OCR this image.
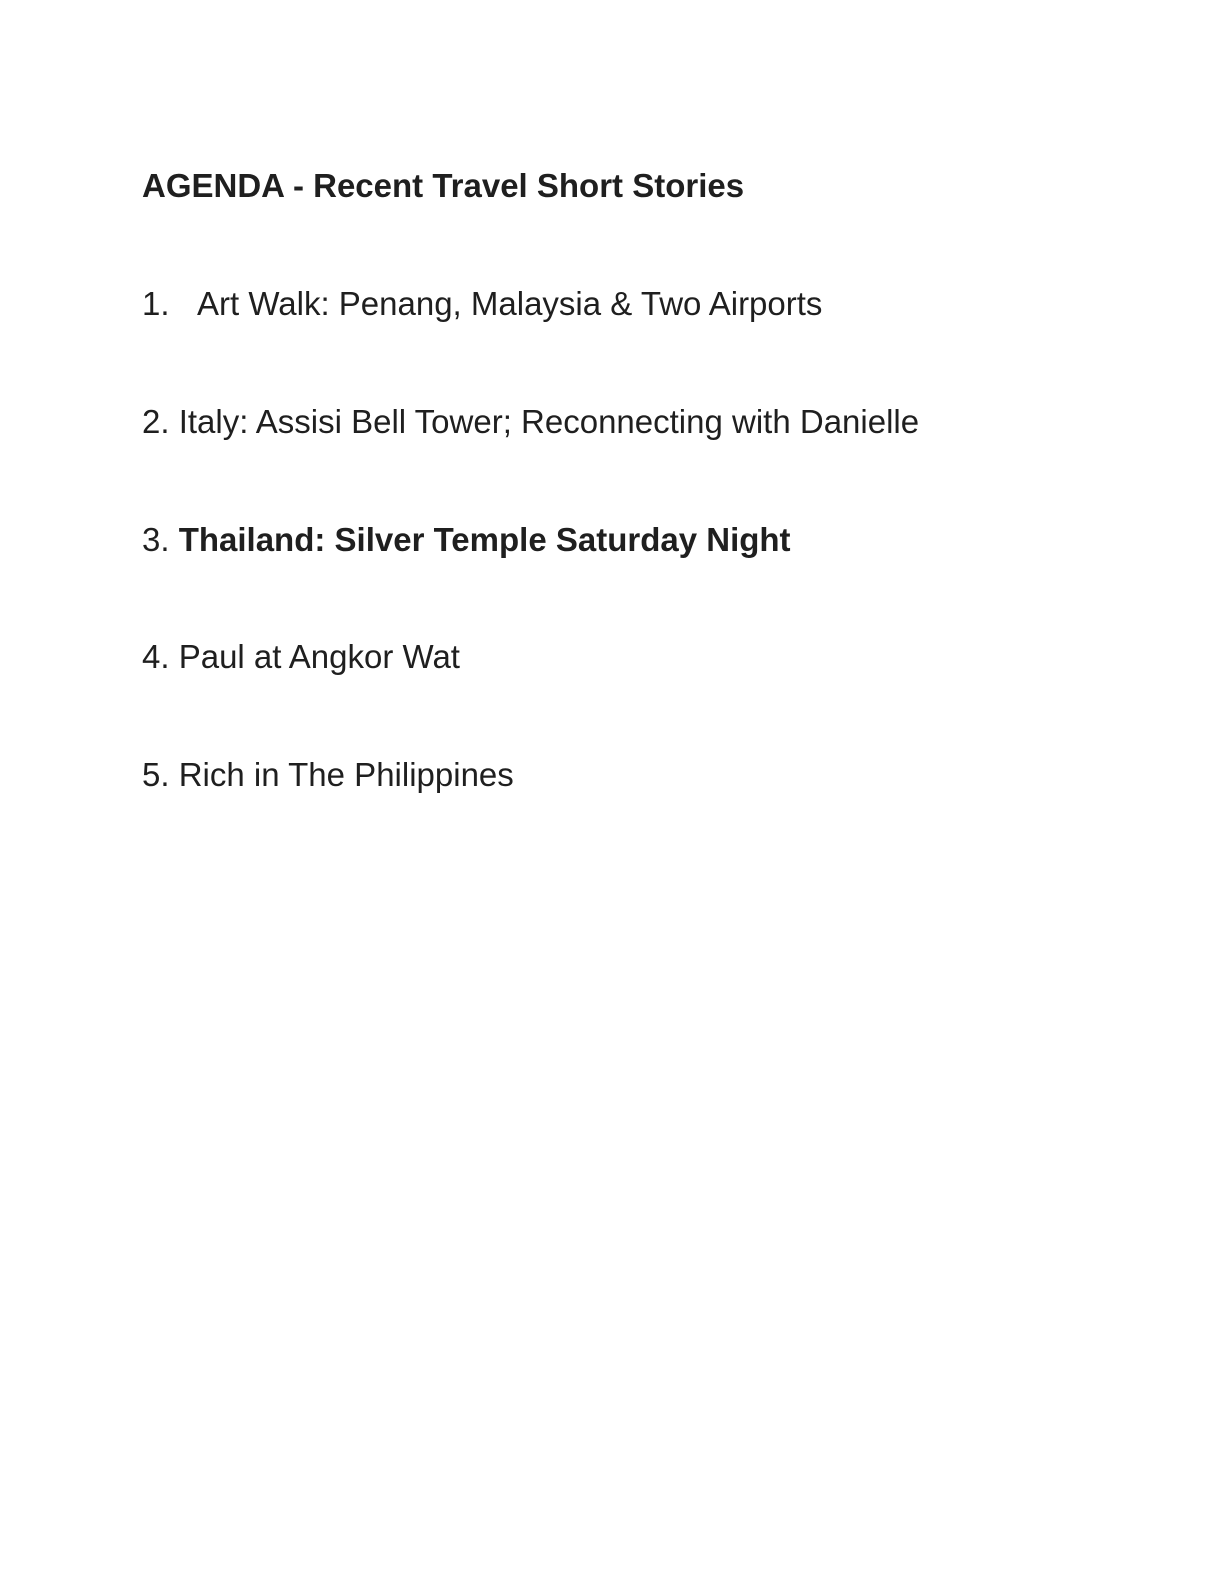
AGENDA - Recent Travel Short Stories
1. Art Walk: Penang, Malaysia & Two Airports
2. Italy: Assisi Bell Tower; Reconnecting with Danielle
3. Thailand: Silver Temple Saturday Night
4. Paul at Angkor Wat
5. Rich in The Philippines
